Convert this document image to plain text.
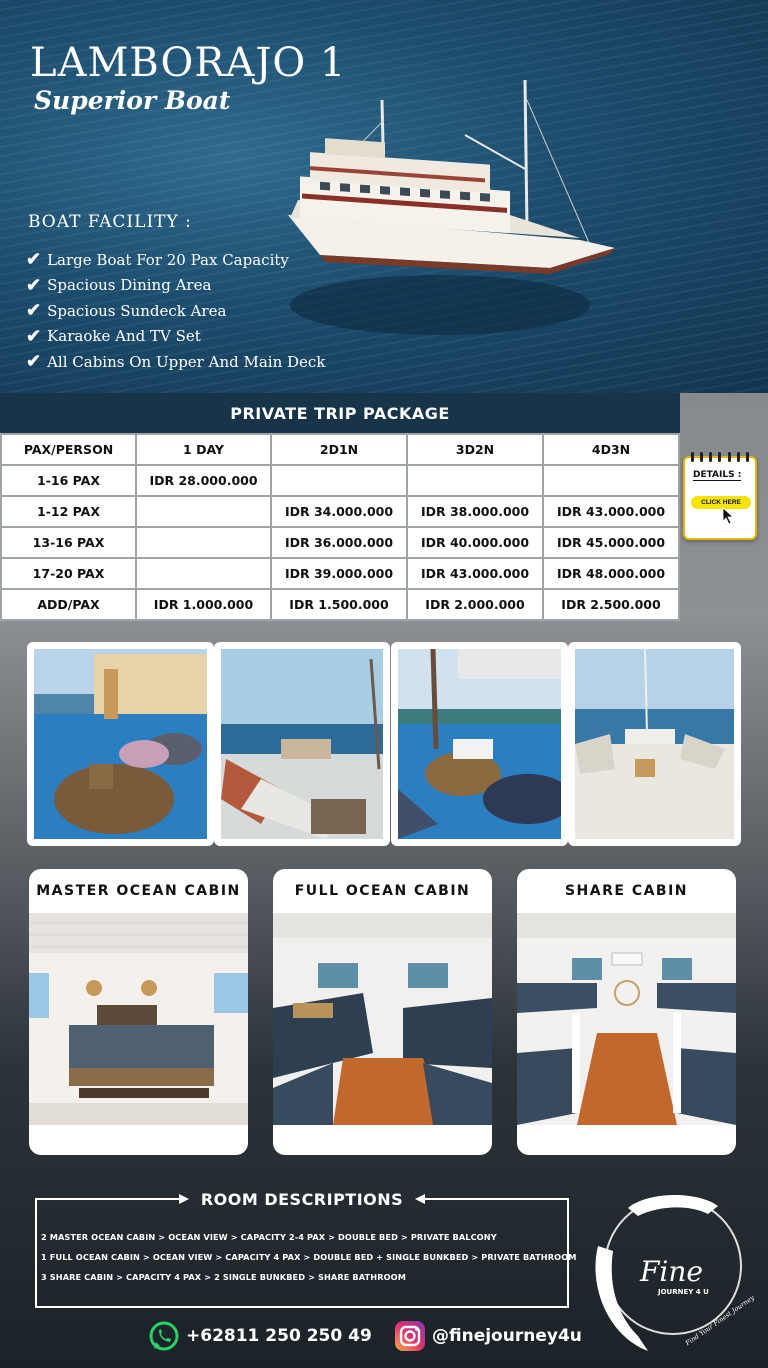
LAMBORAJO 1
Superior Boat
BOAT FACILITY :
✔ Large Boat For 20 Pax Capacity
✔ Spacious Dining Area
✔ Spacious Sundeck Area
✔ Karaoke And TV Set
✔ All Cabins On Upper And Main Deck
PRIVATE TRIP PACKAGE
PAX/PERSON	1 DAY	2D1N	3D2N	4D3N
1-16 PAX	IDR 28.000.000			
1-12 PAX		IDR 34.000.000	IDR 38.000.000	IDR 43.000.000
13-16 PAX		IDR 36.000.000	IDR 40.000.000	IDR 45.000.000
17-20 PAX		IDR 39.000.000	IDR 43.000.000	IDR 48.000.000
ADD/PAX	IDR 1.000.000	IDR 1.500.000	IDR 2.000.000	IDR 2.500.000
DETAILS :
CLICK HERE
MASTER OCEAN CABIN	FULL OCEAN CABIN	SHARE CABIN
ROOM DESCRIPTIONS
2 MASTER OCEAN CABIN > OCEAN VIEW > CAPACITY 2-4 PAX > DOUBLE BED > PRIVATE BALCONY
1 FULL OCEAN CABIN > OCEAN VIEW > CAPACITY 4 PAX > DOUBLE BED + SINGLE BUNKBED > PRIVATE BATHROOM
3 SHARE CABIN > CAPACITY 4 PAX > 2 SINGLE BUNKBED > SHARE BATHROOM	Fine
JOURNEY 4 U
Find Your Finest Journey
+62811 250 250 49	@finejourney4u
